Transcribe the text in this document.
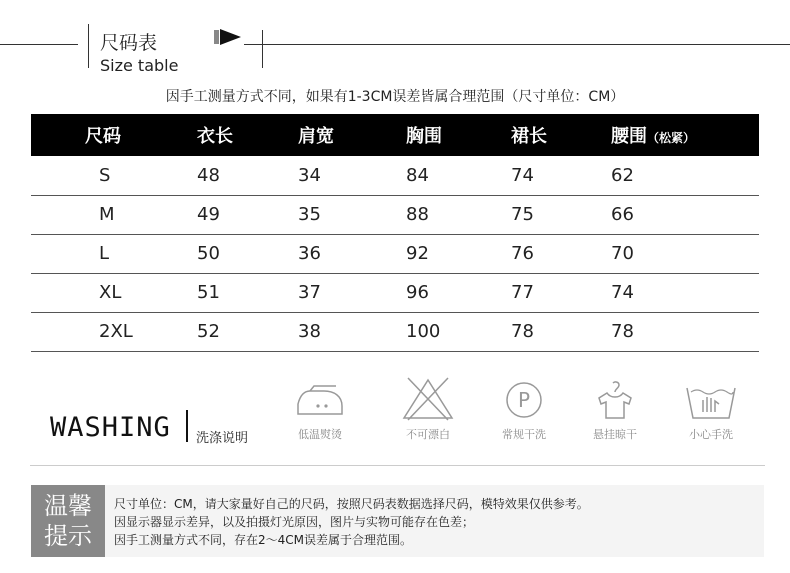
尺码表
Size table
因手工测量方式不同，如果有1-3CM误差皆属合理范围（尺寸单位：CM）
尺码	衣长	肩宽	胸围	裙长	腰围（松紧）
S	48	34	84	74	62
M	49	35	88	75	66
L	50	36	92	76	70
XL	51	37	96	77	74
2XL	52	38	100	78	78
WASHING 洗涤说明	低温熨烫	不可漂白
P
常规干洗	悬挂晾干	小心手洗
温馨
提示
尺寸单位：CM，请大家量好自己的尺码，按照尺码表数据选择尺码，模特效果仅供参考。
因显示器显示差异，以及拍摄灯光原因，图片与实物可能存在色差；
因手工测量方式不同，存在2～4CM误差属于合理范围。
